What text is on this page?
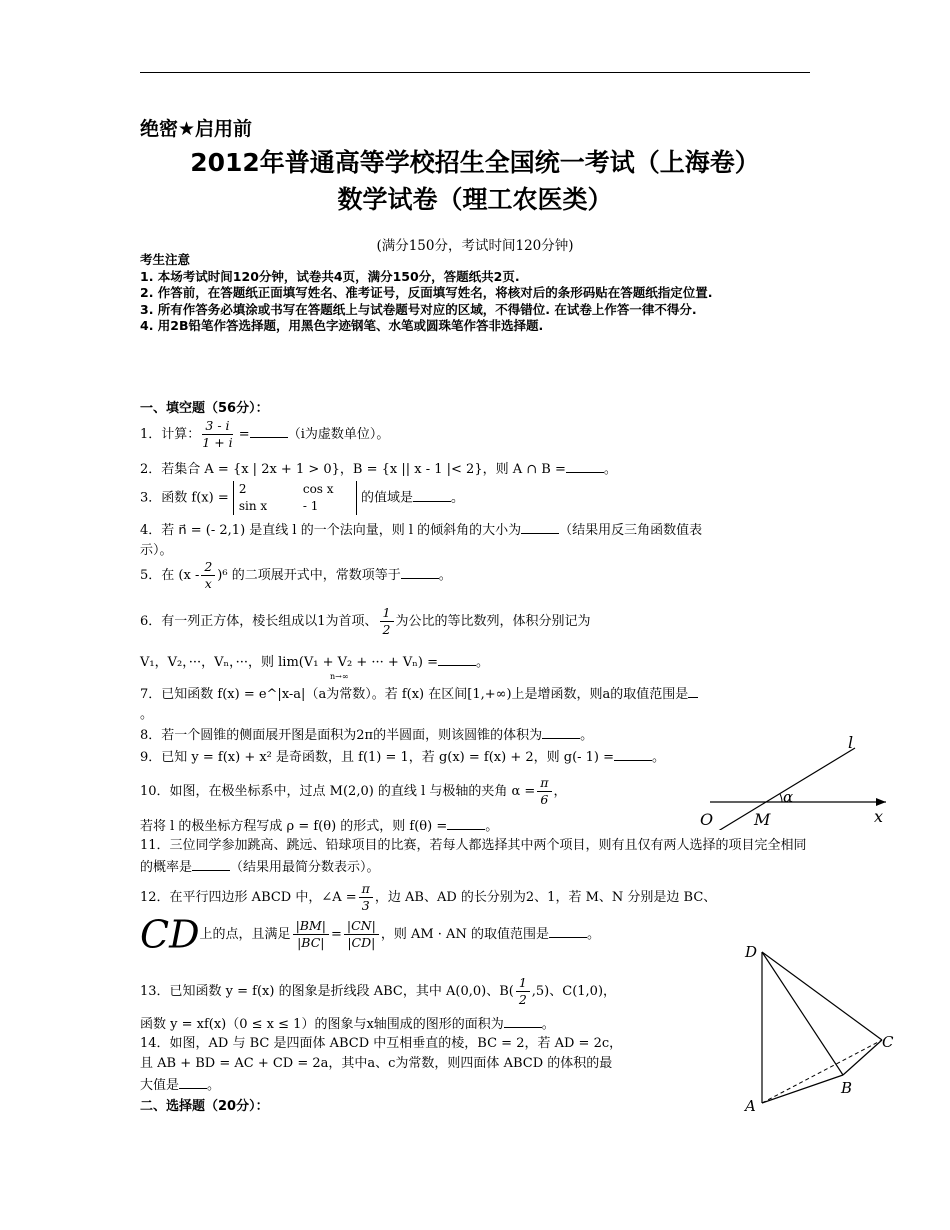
绝密★启用前
2012年普通高等学校招生全国统一考试（上海卷）
数学试卷（理工农医类）
(满分150分，考试时间120分钟)

考生注意

1. 本场考试时间120分钟，试卷共4页，满分150分，答题纸共2页.

2. 作答前，在答题纸正面填写姓名、准考证号，反面填写姓名，将核对后的条形码贴在答题纸指定位置.

3. 所有作答务必填涂或书写在答题纸上与试卷题号对应的区域，不得错位. 在试卷上作答一律不得分.

4. 用2B铅笔作答选择题，用黑色字迹钢笔、水笔或圆珠笔作答非选择题.

一、填空题（56分）：
1．计算： $\frac{3 - i}{1 + i}$ =	（i为虚数单位）。
2．若集合 A = {x | 2x + 1 > 0}，B = {x || x - 1 |< 2}，则 A ∩ B =	。
3．函数 f(x) =
2	cos x
sin x	- 1
的值域是	。
4．若 n⃗ = (- 2,1) 是直线 l 的一个法向量，则 l 的倾斜角的大小为	（结果用反三角函数值表
示）。
5．在 $(x - \frac{2}{x} )^6$ 的二项展开式中，常数项等于	。
6．有一列正方体，棱长组成以1为首项、 $\frac{1}{2}$ 为公比的等比数列，体积分别记为
V₁，V₂，···，Vₙ，···，则 lim(V₁ + V₂ + ··· + Vₙ) =	。
n→∞
7．已知函数 f(x) = e^|x-a|（a为常数）。若 f(x) 在区间[1,+∞)上是增函数，则a的取值范围是
。
8．若一个圆锥的侧面展开图是面积为2π的半圆面，则该圆锥的体积为	。
9．已知 y = f(x) + x² 是奇函数，且 f(1) = 1，若 g(x) = f(x) + 2，则 g(- 1) =	。
10．如图，在极坐标系中，过点 M(2,0) 的直线 l 与极轴的夹角 $\alpha = \frac{\pi}{6}$ ，
若将 l 的极坐标方程写成 ρ = f(θ) 的形式，则 f(θ) =	。
l
α
O	M	x
11．三位同学参加跳高、跳远、铅球项目的比赛，若每人都选择其中两个项目，则有且仅有两人选择的项目完全相同的概率是	（结果用最简分数表示）。
12．在平行四边形 ABCD 中，∠A = $\frac{\pi}{3}$ ，边 AB、AD 的长分别为2、1，若 M、N 分别是边 BC、
CD上的点，且满足 $\frac{|BM|}{|BC|} = \frac{|CN|}{|CD|}$ ，则 AM · AN 的取值范围是	。
13．已知函数 y = f(x) 的图象是折线段 ABC，其中 A(0,0)、$B( \frac{1}{2} ,5)$、C(1,0)，
函数 y = xf(x)（0 ≤ x ≤ 1）的图象与x轴围成的图形的面积为	。
14．如图，AD 与 BC 是四面体 ABCD 中互相垂直的棱，BC = 2，若 AD = 2c，
且 AB + BD = AC + CD = 2a，其中a、c为常数，则四面体 ABCD 的体积的最
大值是 。
D
C
B
A
二、选择题（20分）：
